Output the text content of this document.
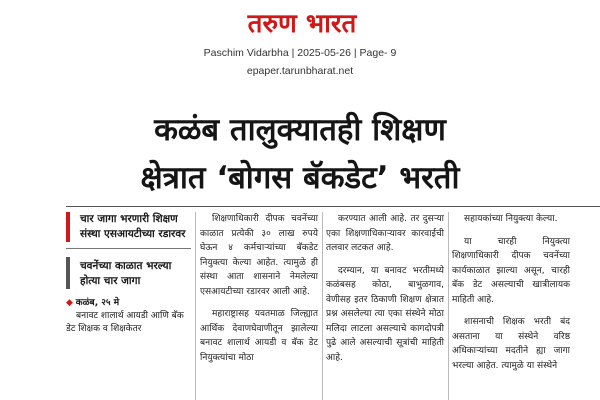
तरुण भारत
Paschim Vidarbha | 2025-05-26 | Page- 9
epaper.tarunbharat.net
कळंब तालुक्यातही शिक्षण
क्षेत्रात ‘बोगस बॅकडेट’ भरती
चार जागा भरणारी शिक्षण संस्था एसआयटीच्या रडारवर
चवनेंच्या काळात भरल्या होत्या चार जागा
◆ कळंब, २५ मे
बनावट शालार्थ आयडी आणि बॅक डेट शिक्षक व शिक्षकेतर

शिक्षणाधिकारी दीपक चवनेंच्या काळात प्रत्येकी ३० लाख रुपये घेऊन ४ कर्मचाऱ्यांच्या बॅकडेट नियुक्त्या केल्या आहेत. त्यामुळे ही संस्था आता शासनाने नेमलेल्या एसआयटीच्या रडारवर आली आहे.

महाराष्ट्रासह यवतमाळ जिल्ह्यात आर्थिक देवाणघेवाणीतून झालेल्या बनावट शालार्थ आयडी व बॅक डेट नियुक्त्यांचा मोठा

करण्यात आली आहे. तर दुसऱ्या एका शिक्षणाधिकाऱ्यावर कारवाईची तलवार लटकत आहे.

दरम्यान, या बनावट भरतीमध्ये कळंबसह कोठा, बाभुळगाव, वेणीसह इतर ठिकाणी शिक्षण क्षेत्रात प्रश्न असलेल्या त्या एका संस्थेने मोठा मलिदा लाटला असल्याचे कागदोपत्री पुढे आले असल्याची सूत्रांची माहिती आहे.

सहायकांच्या नियुक्त्या केल्या.

या चारही नियुक्त्या शिक्षणाधिकारी दीपक चवनेंच्या कार्यकाळात झाल्या असून, चारही बॅक डेट असल्याची खात्रीलायक माहिती आहे.

शासनाची शिक्षक भरती बंद असताना या संस्थेने वरिष्ठ अधिकाऱ्यांच्या मदतीने ह्या जागा भरल्या आहेत. त्यामुळे या संस्थेने
